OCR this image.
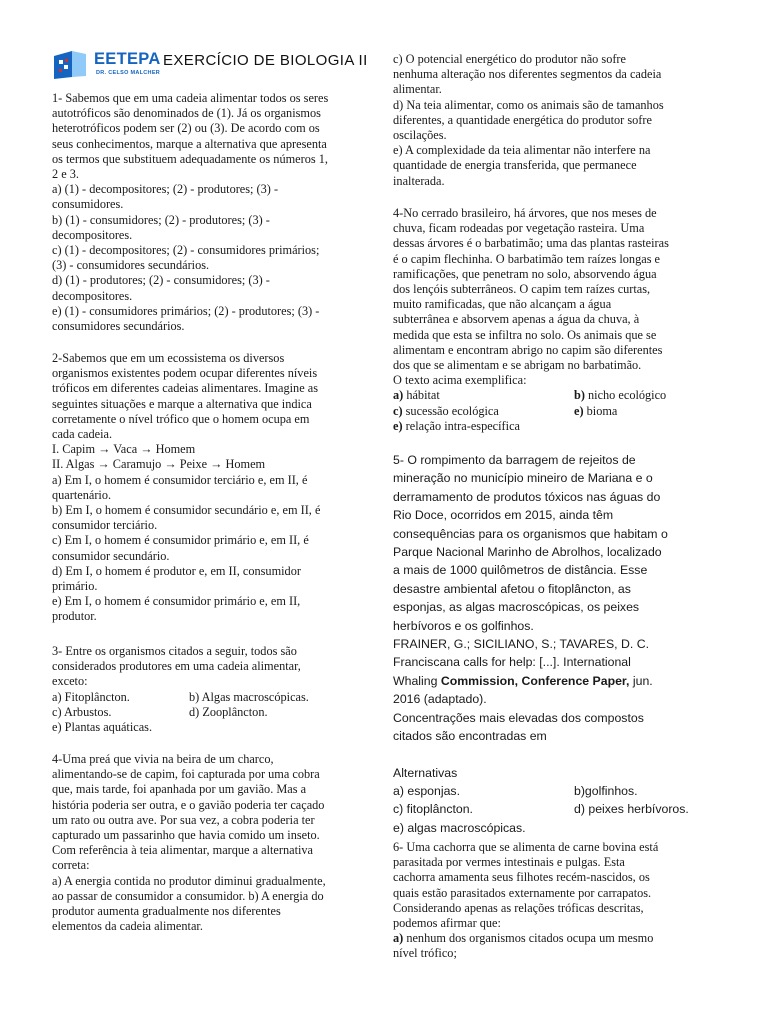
EETEPA
DR. CELSO MALCHER
EXERCÍCIO DE BIOLOGIA II

1- Sabemos que em uma cadeia alimentar todos os seres

autotróficos são denominados de (1). Já os organismos

heterotróficos podem ser (2) ou (3). De acordo com os

seus conhecimentos, marque a alternativa que apresenta

os termos que substituem adequadamente os números 1,

2 e 3.

a) (1) - decompositores; (2) - produtores; (3) -

consumidores.

b) (1) - consumidores; (2) - produtores; (3) -

decompositores.

c) (1) - decompositores; (2) - consumidores primários;

(3) - consumidores secundários.

d) (1) - produtores; (2) - consumidores; (3) -

decompositores.

e) (1) - consumidores primários; (2) - produtores; (3) -

consumidores secundários.

2-Sabemos que em um ecossistema os diversos

organismos existentes podem ocupar diferentes níveis

tróficos em diferentes cadeias alimentares. Imagine as

seguintes situações e marque a alternativa que indica

corretamente o nível trófico que o homem ocupa em

cada cadeia.

I. Capim → Vaca → Homem

II. Algas → Caramujo → Peixe → Homem

a) Em I, o homem é consumidor terciário e, em II, é

quartenário.

b) Em I, o homem é consumidor secundário e, em II, é

consumidor terciário.

c) Em I, o homem é consumidor primário e, em II, é

consumidor secundário.

d) Em I, o homem é produtor e, em II, consumidor

primário.

e) Em I, o homem é consumidor primário e, em II,

produtor.

3- Entre os organismos citados a seguir, todos são

considerados produtores em uma cadeia alimentar,

exceto:

a) Fitoplâncton.	b) Algas macroscópicas.
c) Arbustos.	d) Zooplâncton.

e) Plantas aquáticas.

4-Uma preá que vivia na beira de um charco,

alimentando-se de capim, foi capturada por uma cobra

que, mais tarde, foi apanhada por um gavião. Mas a

história poderia ser outra, e o gavião poderia ter caçado

um rato ou outra ave. Por sua vez, a cobra poderia ter

capturado um passarinho que havia comido um inseto.

Com referência à teia alimentar, marque a alternativa

correta:

a) A energia contida no produtor diminui gradualmente,

ao passar de consumidor a consumidor. b) A energia do

produtor aumenta gradualmente nos diferentes

elementos da cadeia alimentar.

c) O potencial energético do produtor não sofre

nenhuma alteração nos diferentes segmentos da cadeia

alimentar.

d) Na teia alimentar, como os animais são de tamanhos

diferentes, a quantidade energética do produtor sofre

oscilações.

e) A complexidade da teia alimentar não interfere na

quantidade de energia transferida, que permanece

inalterada.

4-No cerrado brasileiro, há árvores, que nos meses de

chuva, ficam rodeadas por vegetação rasteira. Uma

dessas árvores é o barbatimão; uma das plantas rasteiras

é o capim flechinha. O barbatimão tem raízes longas e

ramificações, que penetram no solo, absorvendo água

dos lençóis subterrâneos. O capim tem raízes curtas,

muito ramificadas, que não alcançam a água

subterrânea e absorvem apenas a água da chuva, à

medida que esta se infiltra no solo. Os animais que se

alimentam e encontram abrigo no capim são diferentes

dos que se alimentam e se abrigam no barbatimão.

O texto acima exemplifica:

a) hábitat	b) nicho ecológico
c) sucessão ecológica	e) bioma

e) relação intra-específica

5- O rompimento da barragem de rejeitos de

mineração no município mineiro de Mariana e o

derramamento de produtos tóxicos nas águas do

Rio Doce, ocorridos em 2015, ainda têm

consequências para os organismos que habitam o

Parque Nacional Marinho de Abrolhos, localizado

a mais de 1000 quilômetros de distância. Esse

desastre ambiental afetou o fitoplâncton, as

esponjas, as algas macroscópicas, os peixes

herbívoros e os golfinhos.

FRAINER, G.; SICILIANO, S.; TAVARES, D. C.

Franciscana calls for help: [...]. International

Whaling Commission, Conference Paper, jun.

2016 (adaptado).

Concentrações mais elevadas dos compostos

citados são encontradas em

Alternativas

a) esponjas.	b)golfinhos.
c) fitoplâncton.	d) peixes herbívoros.

e) algas macroscópicas.

6- Uma cachorra que se alimenta de carne bovina está

parasitada por vermes intestinais e pulgas. Esta

cachorra amamenta seus filhotes recém-nascidos, os

quais estão parasitados externamente por carrapatos.

Considerando apenas as relações tróficas descritas,

podemos afirmar que:

a) nenhum dos organismos citados ocupa um mesmo

nível trófico;
